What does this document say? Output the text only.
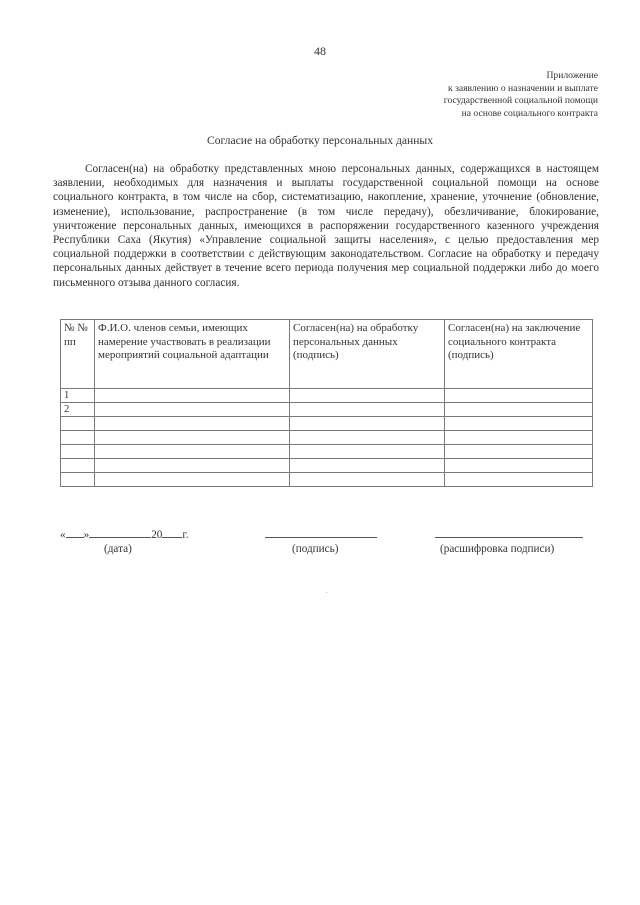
48
Приложение
к заявлению о назначении и выплате
государственной социальной помощи
на основе социального контракта
Согласие на обработку персональных данных

Согласен(на) на обработку представленных мною персональных данных, содержащихся в настоящем заявлении, необходимых для назначения и выплаты государственной социальной помощи на основе социального контракта, в том числе на сбор, систематизацию, накопление, хранение, уточнение (обновление, изменение), использование, распространение (в том числе передачу), обезличивание, блокирование, уничтожение персональных данных, имеющихся в распоряжении государственного казенного учреждения Республики Саха (Якутия) «Управление социальной защиты населения», с целью предоставления мер социальной поддержки в соответствии с действующим законодательством. Согласие на обработку и передачу персональных данных действует в течение всего периода получения мер социальной поддержки либо до моего письменного отзыва данного согласия.

№ № пп	Ф.И.О. членов семьи, имеющих намерение участвовать в реализации мероприятий социальной адаптации	Согласен(на) на обработку персональных данных (подпись)	Согласен(на) на заключение социального контракта (подпись)
1			
2			

« »	20 г.
(дата)	(подпись)	(расшифровка подписи)
